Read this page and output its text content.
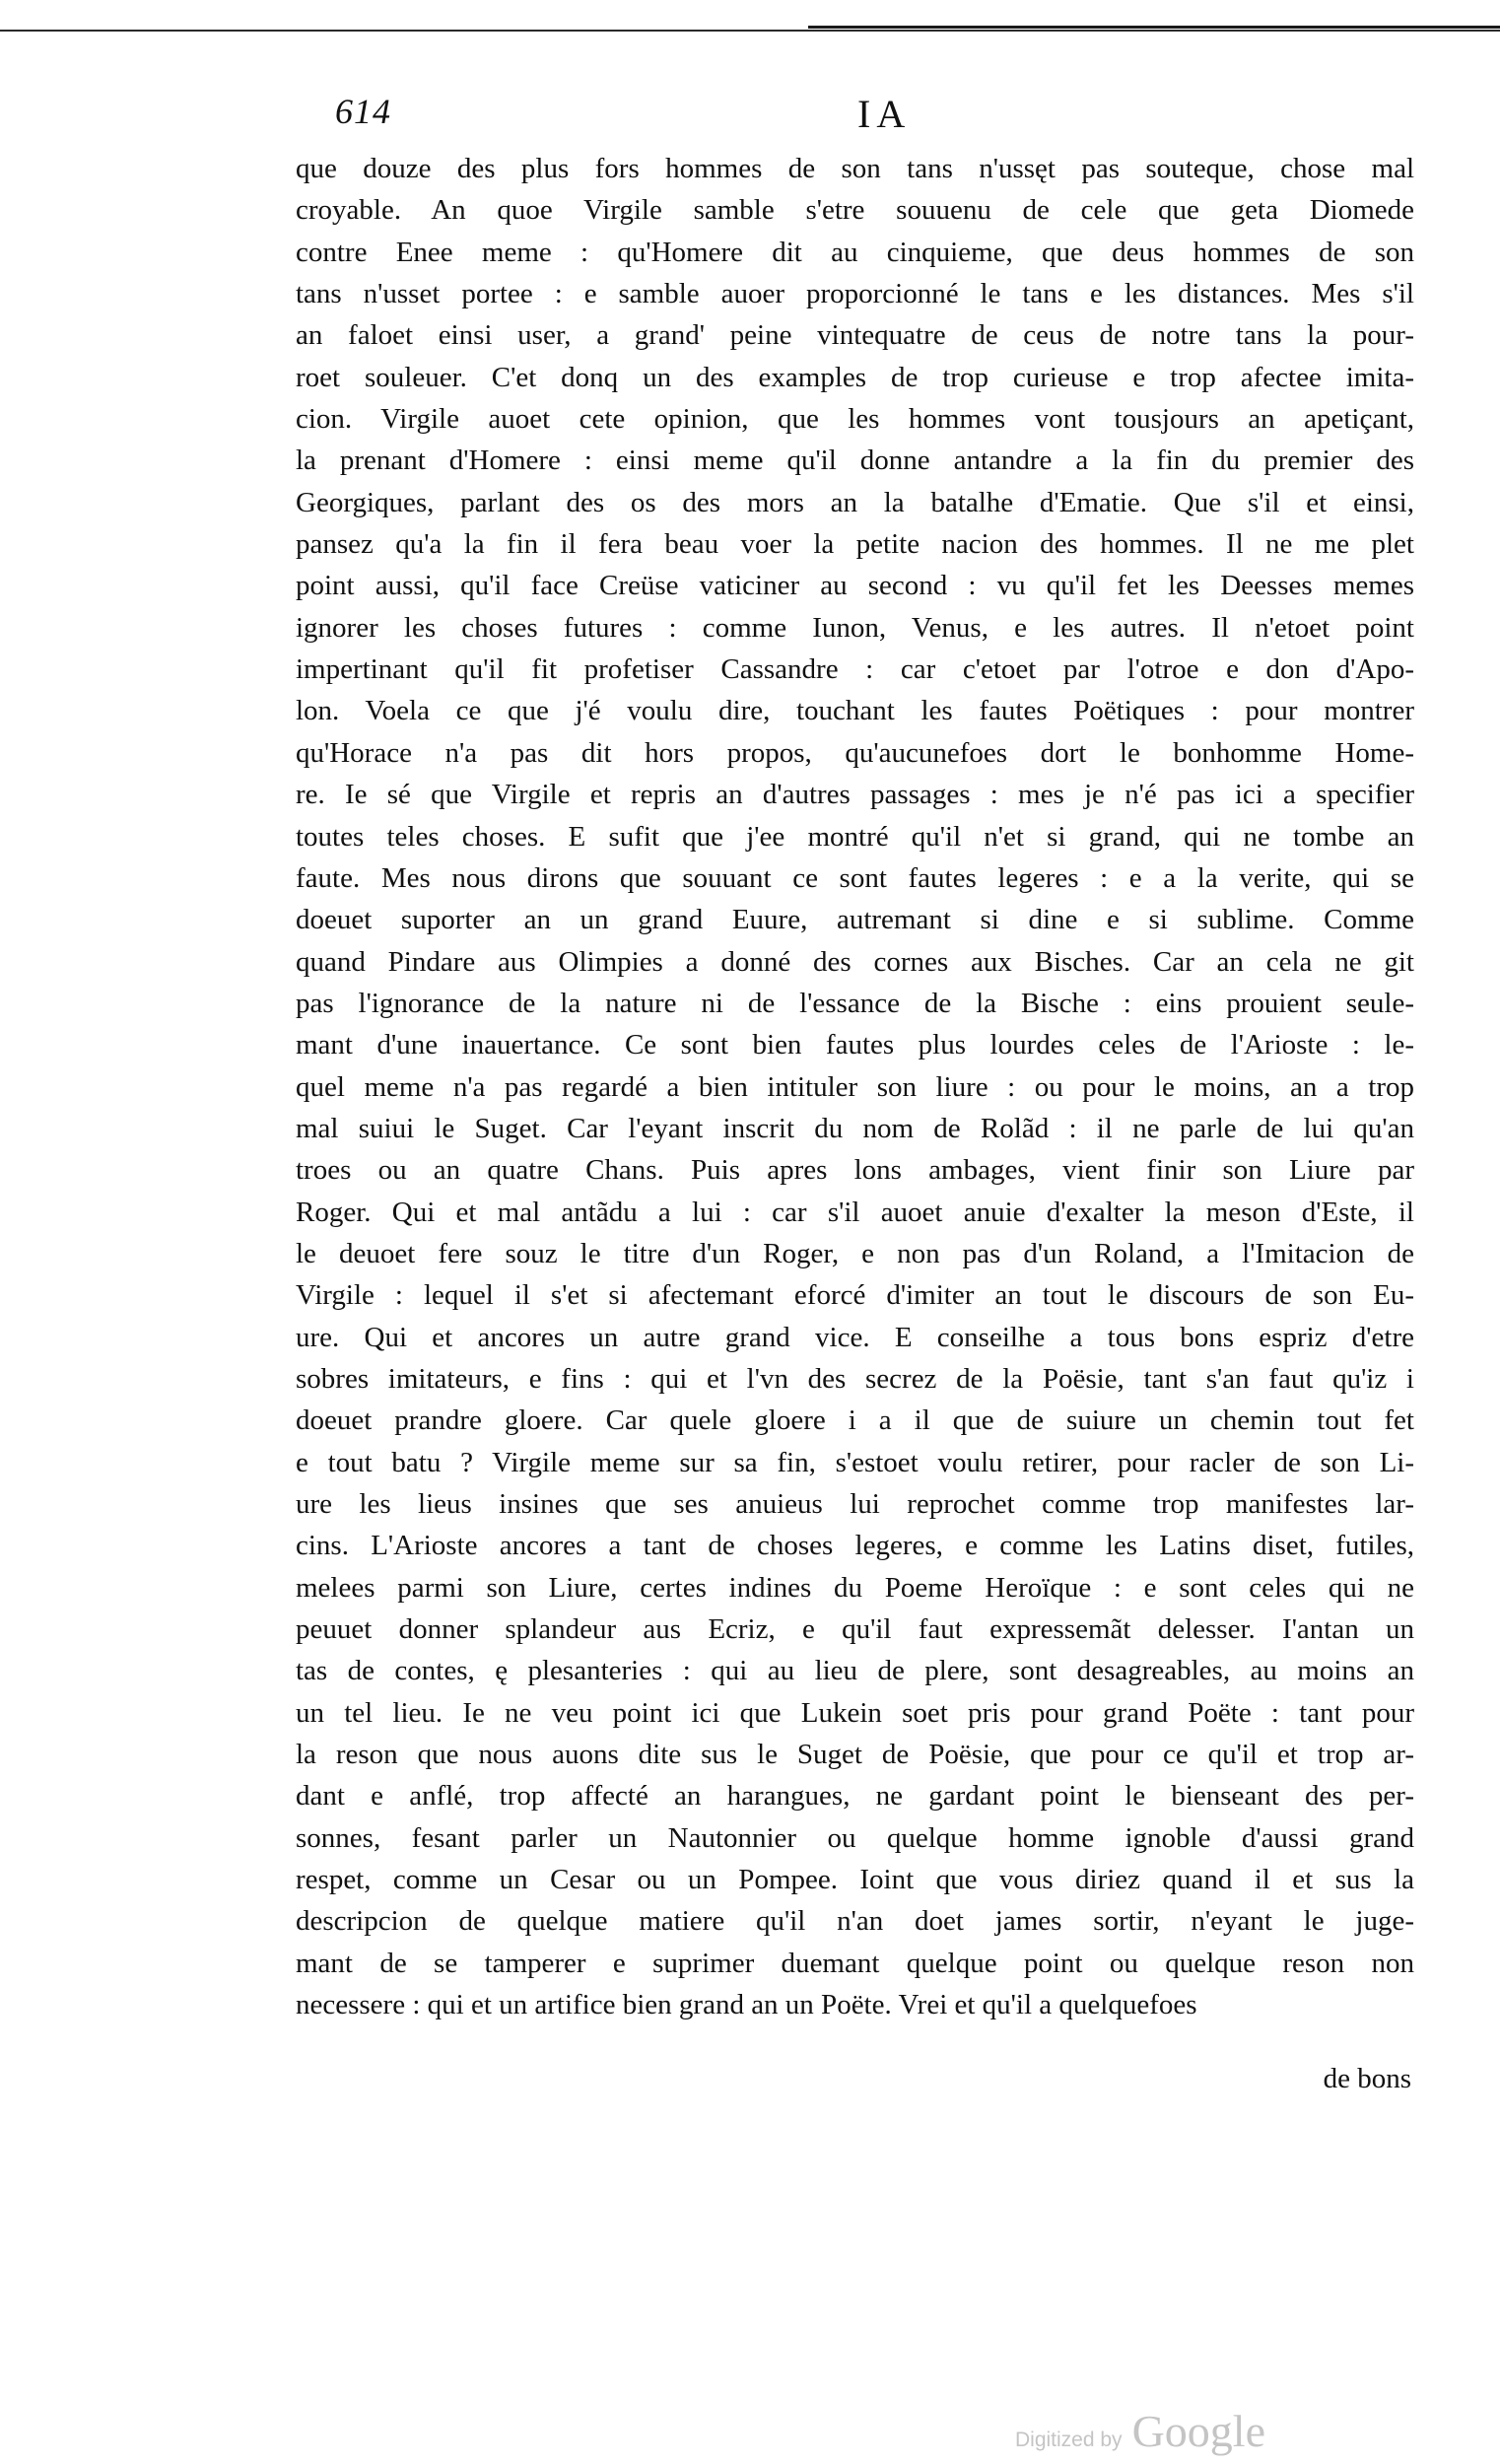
614	IA
que douze des plus fors hommes de son tans n'ussęt pas souteque, chose mal
croyable. An quoe Virgile samble s'etre souuenu de cele que geta Diomede
contre Enee meme : qu'Homere dit au cinquieme, que deus hommes de son
tans n'usset portee : e samble auoer proporcionné le tans e les distances. Mes s'il
an faloet einsi user, a grand' peine vintequatre de ceus de notre tans la pour-
roet souleuer. C'et donq un des examples de trop curieuse e trop afectee imita-
cion. Virgile auoet cete opinion, que les hommes vont tousjours an apetiçant,
la prenant d'Homere : einsi meme qu'il donne antandre a la fin du premier des
Georgiques, parlant des os des mors an la batalhe d'Ematie. Que s'il et einsi,
pansez qu'a la fin il fera beau voer la petite nacion des hommes. Il ne me plet
point aussi, qu'il face Creüse vaticiner au second : vu qu'il fet les Deesses memes
ignorer les choses futures : comme Iunon, Venus, e les autres. Il n'etoet point
impertinant qu'il fit profetiser Cassandre : car c'etoet par l'otroe e don d'Apo-
lon. Voela ce que j'é voulu dire, touchant les fautes Poëtiques : pour montrer
qu'Horace n'a pas dit hors propos, qu'aucunefoes dort le bonhomme Home-
re. Ie sé que Virgile et repris an d'autres passages : mes je n'é pas ici a specifier
toutes teles choses. E sufit que j'ee montré qu'il n'et si grand, qui ne tombe an
faute. Mes nous dirons que souuant ce sont fautes legeres : e a la verite, qui se
doeuet suporter an un grand Euure, autremant si dine e si sublime. Comme
quand Pindare aus Olimpies a donné des cornes aux Bisches. Car an cela ne git
pas l'ignorance de la nature ni de l'essance de la Bische : eins prouient seule-
mant d'une inauertance. Ce sont bien fautes plus lourdes celes de l'Arioste : le-
quel meme n'a pas regardé a bien intituler son liure : ou pour le moins, an a trop
mal suiui le Suget. Car l'eyant inscrit du nom de Rolãd : il ne parle de lui qu'an
troes ou an quatre Chans. Puis apres lons ambages, vient finir son Liure par
Roger. Qui et mal antãdu a lui : car s'il auoet anuie d'exalter la meson d'Este, il
le deuoet fere souz le titre d'un Roger, e non pas d'un Roland, a l'Imitacion de
Virgile : lequel il s'et si afectemant eforcé d'imiter an tout le discours de son Eu-
ure. Qui et ancores un autre grand vice. E conseilhe a tous bons espriz d'etre
sobres imitateurs, e fins : qui et l'vn des secrez de la Poësie, tant s'an faut qu'iz i
doeuet prandre gloere. Car quele gloere i a il que de suiure un chemin tout fet
e tout batu ? Virgile meme sur sa fin, s'estoet voulu retirer, pour racler de son Li-
ure les lieus insines que ses anuieus lui reprochet comme trop manifestes lar-
cins. L'Arioste ancores a tant de choses legeres, e comme les Latins diset, futiles,
melees parmi son Liure, certes indines du Poeme Heroïque : e sont celes qui ne
peuuet donner splandeur aus Ecriz, e qu'il faut expressemãt delesser. I'antan un
tas de contes, ę plesanteries : qui au lieu de plere, sont desagreables, au moins an
un tel lieu. Ie ne veu point ici que Lukein soet pris pour grand Poëte : tant pour
la reson que nous auons dite sus le Suget de Poësie, que pour ce qu'il et trop ar-
dant e anflé, trop affecté an harangues, ne gardant point le bienseant des per-
sonnes, fesant parler un Nautonnier ou quelque homme ignoble d'aussi grand
respet, comme un Cesar ou un Pompee. Ioint que vous diriez quand il et sus la
descripcion de quelque matiere qu'il n'an doet james sortir, n'eyant le juge-
mant de se tamperer e suprimer duemant quelque point ou quelque reson non
necessere : qui et un artifice bien grand an un Poëte. Vrei et qu'il a quelquefoes
de bons
Digitized by Google
